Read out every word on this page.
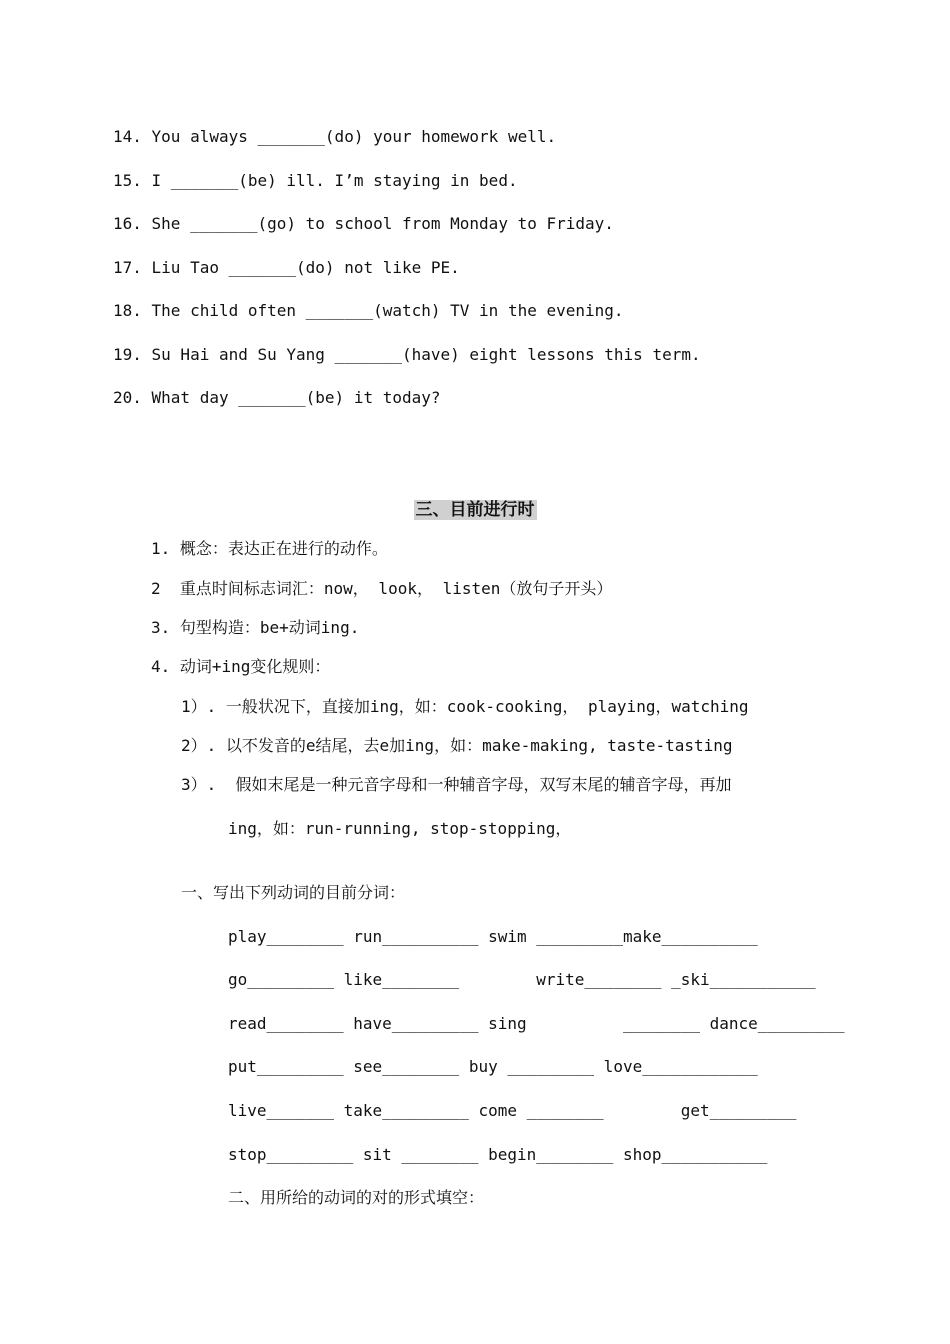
14. You always _______(do) your homework well.
15. I _______(be) ill. I’m staying in bed.
16. She _______(go) to school from Monday to Friday.
17. Liu Tao _______(do) not like PE.
18. The child often _______(watch) TV in the evening.
19. Su Hai and Su Yang _______(have) eight lessons this term.
20. What day _______(be) it today?
三、目前进行时
1. 概念：表达正在进行的动作。
2  重点时间标志词汇：now， look， listen（放句子开头）
3. 句型构造：be+动词ing.
4. 动词+ing变化规则：
1）. 一般状况下，直接加ing，如：cook-cooking， playing，watching
2）. 以不发音的e结尾，去e加ing，如：make-making, taste-tasting
3）.  假如末尾是一种元音字母和一种辅音字母，双写末尾的辅音字母，再加
ing，如：run-running, stop-stopping，
一、写出下列动词的目前分词：
play________ run__________ swim _________make__________
go_________ like________        write________ _ski___________
read________ have_________ sing          ________ dance_________
put_________ see________ buy _________ love____________
live_______ take_________ come ________        get_________
stop_________ sit ________ begin________ shop___________
二、用所给的动词的对的形式填空：
